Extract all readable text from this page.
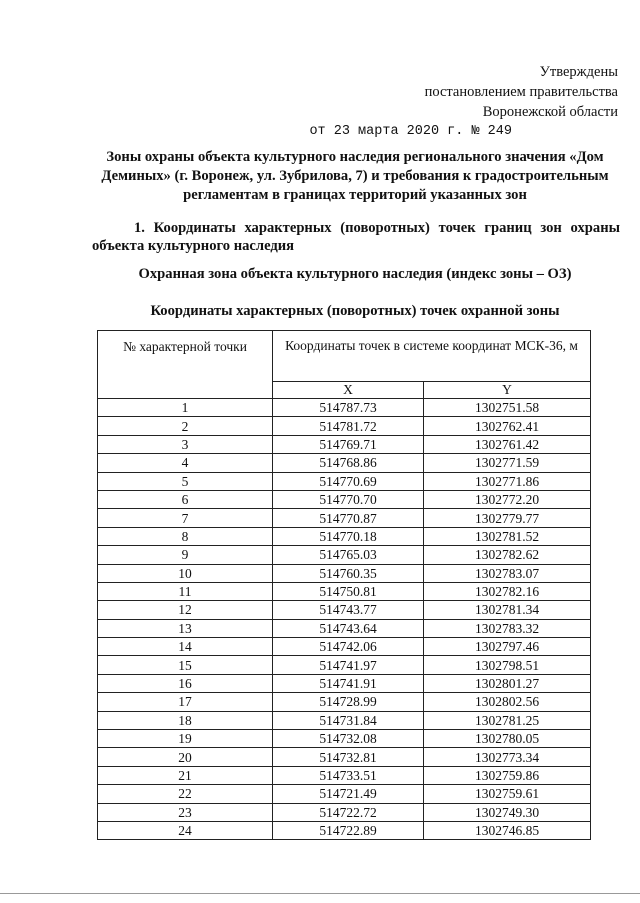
Утверждены
постановлением правительства
Воронежской области
от 23 марта 2020 г. № 249
Зоны охраны объекта культурного наследия регионального значения «Дом Деминых» (г. Воронеж, ул. Зубрилова, 7) и требования к градостроительным регламентам в границах территорий указанных зон
1. Координаты характерных (поворотных) точек границ зон охраны объекта культурного наследия
Охранная зона объекта культурного наследия (индекс зоны – ОЗ)
Координаты характерных (поворотных) точек охранной зоны
№ характерной точки	Координаты точек в системе координат МСК-36, м	
	X	Y
1	514787.73	1302751.58
2	514781.72	1302762.41
3	514769.71	1302761.42
4	514768.86	1302771.59
5	514770.69	1302771.86
6	514770.70	1302772.20
7	514770.87	1302779.77
8	514770.18	1302781.52
9	514765.03	1302782.62
10	514760.35	1302783.07
11	514750.81	1302782.16
12	514743.77	1302781.34
13	514743.64	1302783.32
14	514742.06	1302797.46
15	514741.97	1302798.51
16	514741.91	1302801.27
17	514728.99	1302802.56
18	514731.84	1302781.25
19	514732.08	1302780.05
20	514732.81	1302773.34
21	514733.51	1302759.86
22	514721.49	1302759.61
23	514722.72	1302749.30
24	514722.89	1302746.85
